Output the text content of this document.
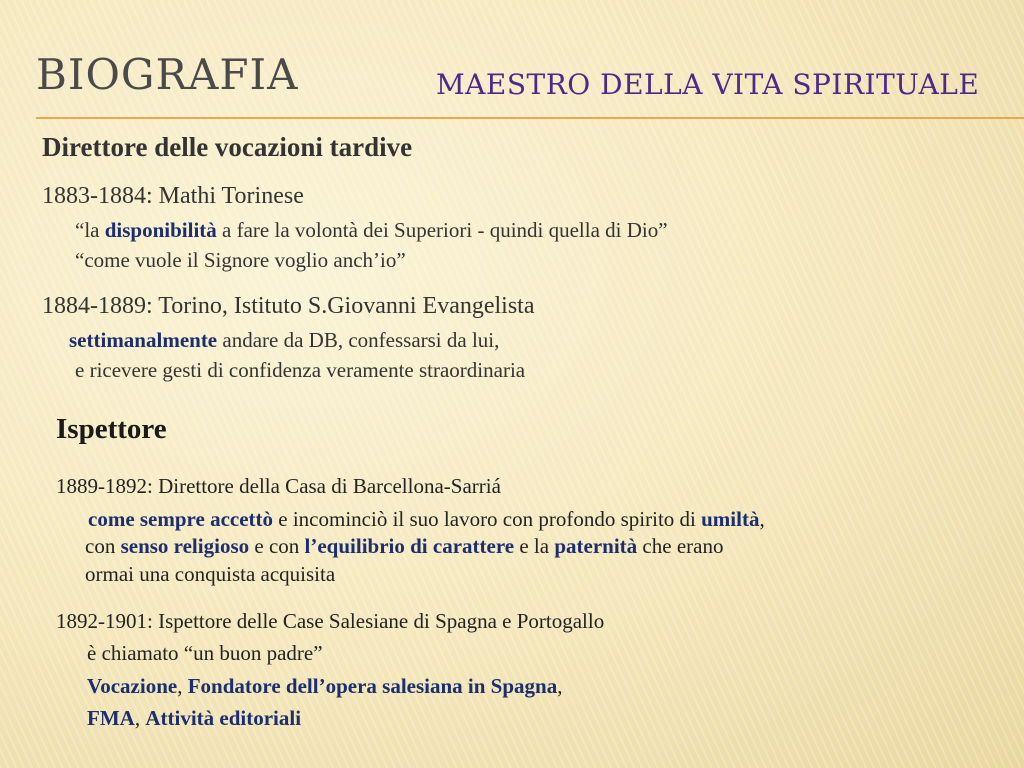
BIOGRAFIA	MAESTRO DELLA VITA SPIRITUALE
Direttore delle vocazioni tardive
1883-1884: Mathi Torinese
“la disponibilità a fare la volontà dei Superiori - quindi quella di Dio”
“come vuole il Signore voglio anch’io”
1884-1889: Torino, Istituto S.Giovanni Evangelista
settimanalmente andare da DB, confessarsi da lui,
e ricevere gesti di confidenza veramente straordinaria
Ispettore
1889-1892: Direttore della Casa di Barcellona-Sarriá
come sempre accettò e incominciò il suo lavoro con profondo spirito di umiltà,
con senso religioso e con l’equilibrio di carattere e la paternità che erano
ormai una conquista acquisita
1892-1901: Ispettore delle Case Salesiane di Spagna e Portogallo
è chiamato “un buon padre”
Vocazione, Fondatore dell’opera salesiana in Spagna,
FMA, Attività editoriali
